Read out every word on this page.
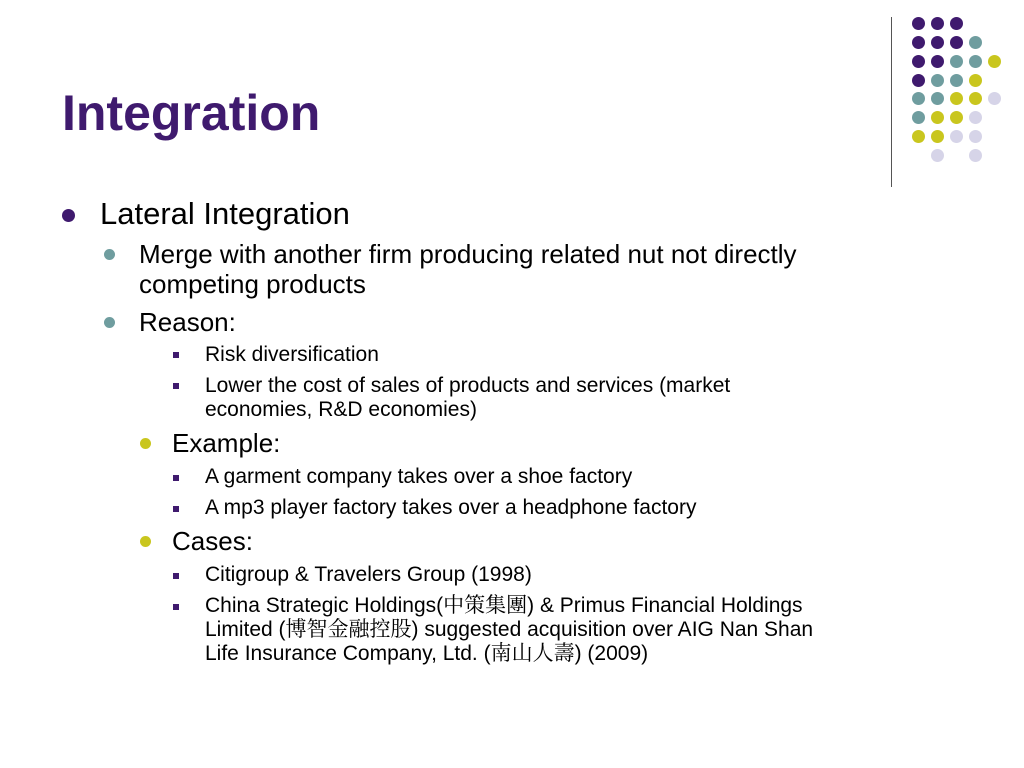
Integration
Lateral Integration
Merge with another firm producing related nut not directly
competing products
Reason:
Risk diversification
Lower the cost of sales of products and services (market
economies, R&D economies)
Example:
A garment company takes over a shoe factory
A mp3 player factory takes over a headphone factory
Cases:
Citigroup & Travelers Group (1998)
China Strategic Holdings(中策集團) & Primus Financial Holdings
Limited (博智金融控股) suggested acquisition over AIG Nan Shan
Life Insurance Company, Ltd. (南山人壽) (2009)
